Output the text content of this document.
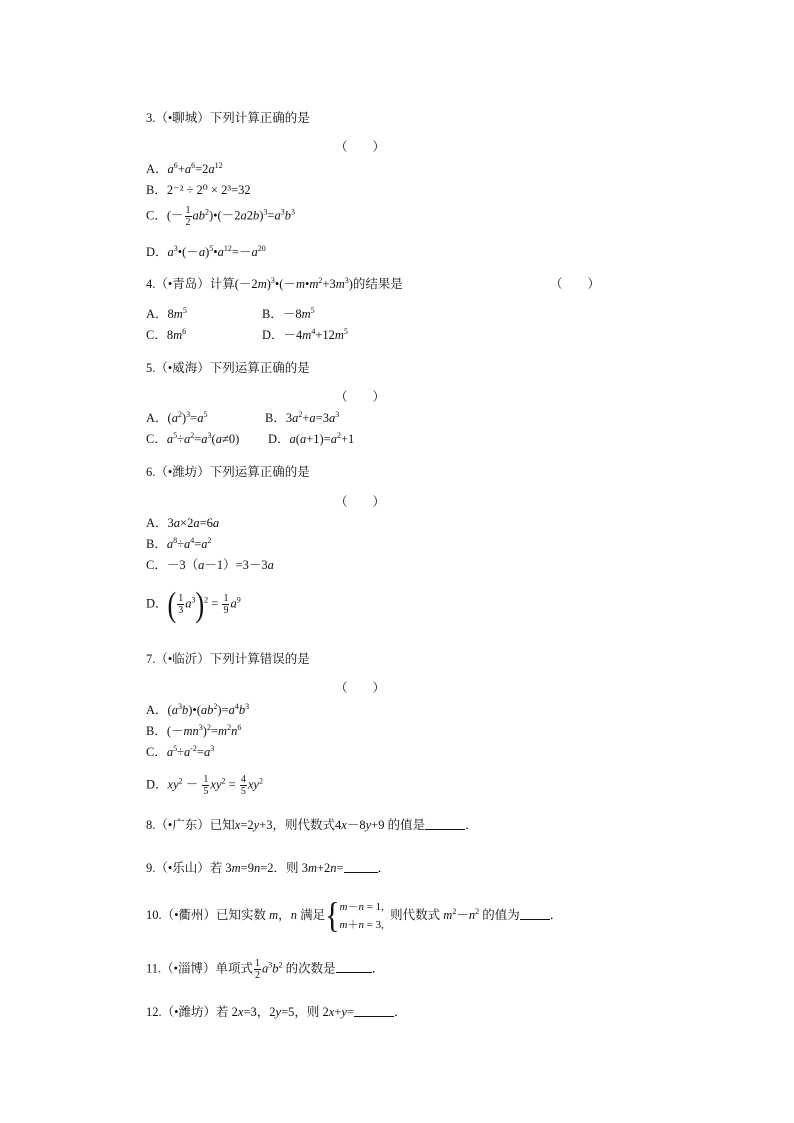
3.（•聊城）下列计算正确的是
（　　）
A．$a^6+a^6=2a^{12}$
B．2⁻² ÷ 2⁰ × 2³=32
C．(－ $\frac{1}{2}$ $ab^2)•(-2a2b)^3=a^3b^3$
D．$a^3•(-a)^5•a^{12}=-a^{20}$
4.（•青岛）计算$(-2m)^3•(-m•m^2+3m^3)$的结果是	（　　）
A．$8m^5$	B．$-8m^5$
C．$8m^6$	D．$-4m^4+12m^5$
5.（•威海）下列运算正确的是
（　　）
A．$(a^2)^3=a^5$	B．$3a^2+a=3a^3$
C．$a^5\div a^2=a^3(a\ne 0)$ D．$a(a+1)=a^2+1$
6.（•潍坊）下列运算正确的是
（　　）
A．3a×2a=6a
B．$a^8\div a^4=a^2$
C．－3（a－1）=3－3a
D．( $\frac{1}{3} a^3)^2 = \frac{1}{9} a^9$
7.（•临沂）下列计算错误的是
（　　）
A．$(a^3b)•(ab^2)=a^4b^3$
B．$(-mn^3)^2=m^2n^6$
C．$a^5\div a^{-2}=a^3$
D．$xy^2 - \frac{1}{5} xy^2 = \frac{4}{5} xy^2$
8.（•广东）已知x=2y+3，则代数式4x－8y+9 的值是	．
9.（•乐山）若 3m=9n=2．则 3m+2n=	．
10.（•衢州）已知实数 m，n 满足{ m－n = 1,
m＋n = 3,
则代数式 $m^2-n^2$ 的值为 ．
11.（•淄博）单项式 $\frac{1}{2} a^3b^2$ 的次数是	．
12.（•潍坊）若 2x=3，2y=5，则 2x+y=	．
